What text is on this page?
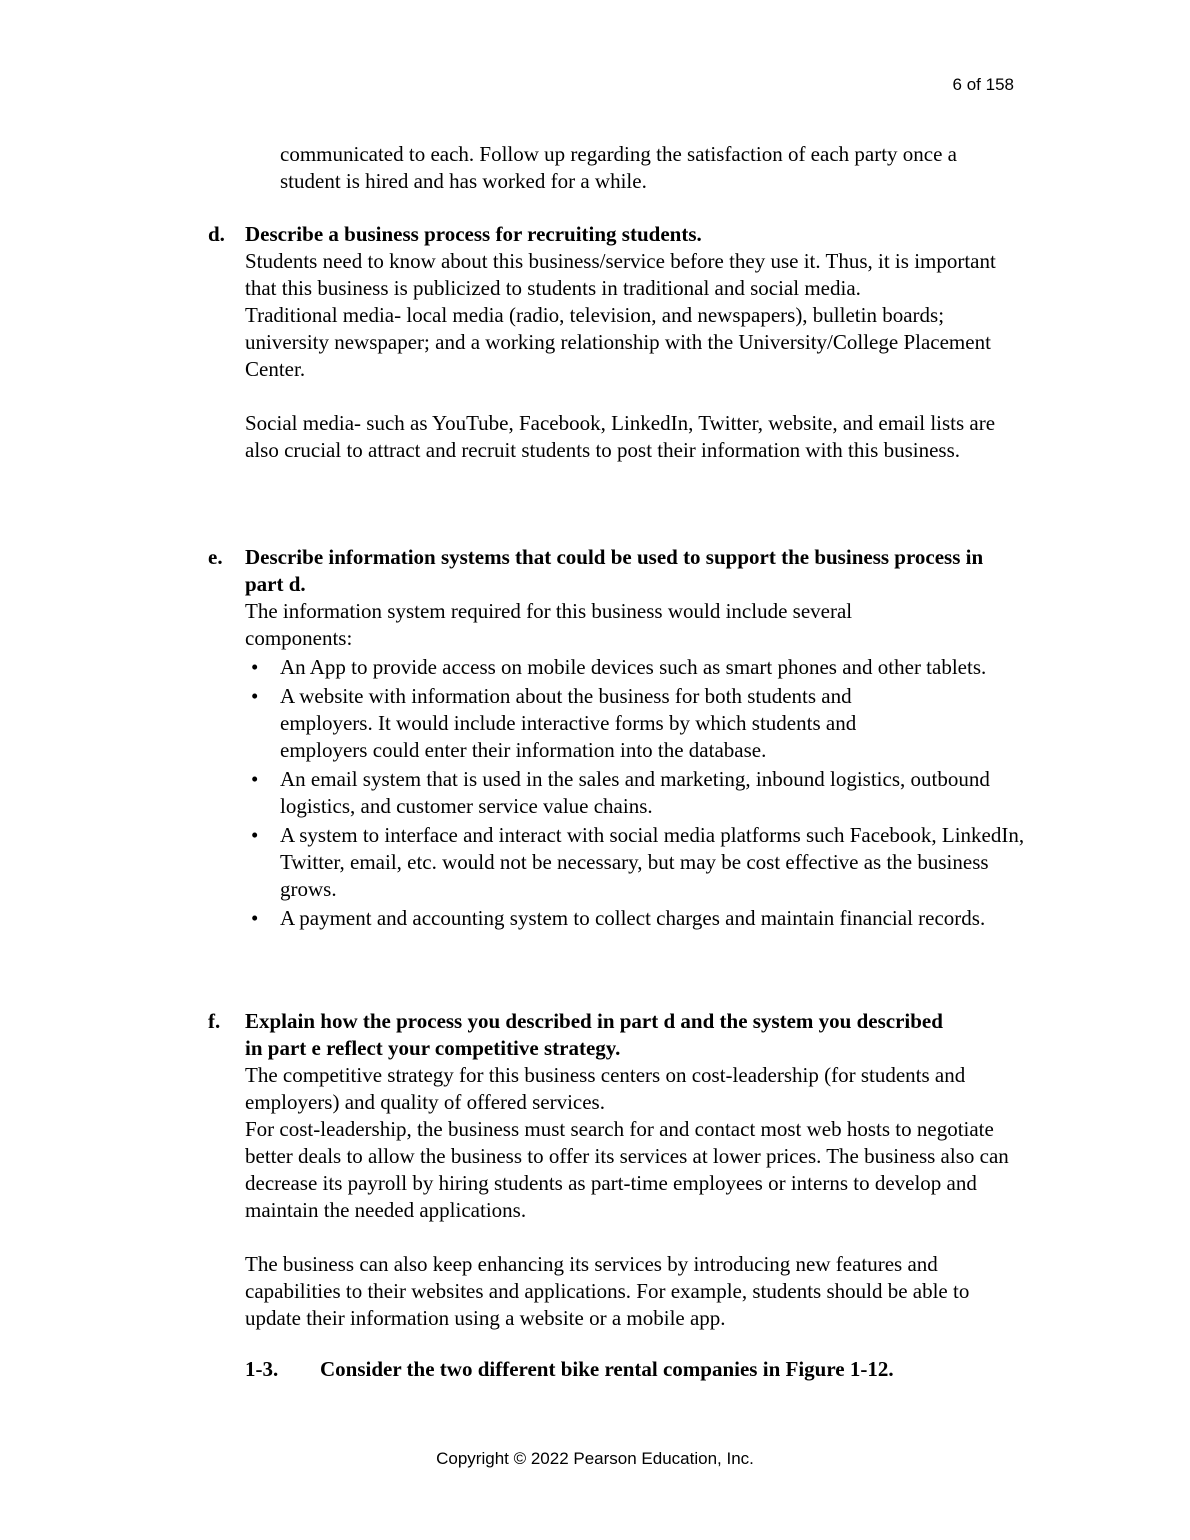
6 of 158
communicated to each. Follow up regarding the satisfaction of each party once a student is hired and has worked for a while.
d. Describe a business process for recruiting students.

Students need to know about this business/service before they use it. Thus, it is important that this business is publicized to students in traditional and social media.

Traditional media- local media (radio, television, and newspapers), bulletin boards; university newspaper; and a working relationship with the University/College Placement Center.

Social media- such as YouTube, Facebook, LinkedIn, Twitter, website, and email lists are also crucial to attract and recruit students to post their information with this business.

e. Describe information systems that could be used to support the business process in part d.

The information system required for this business would include several components:

• An App to provide access on mobile devices such as smart phones and other tablets.
• A website with information about the business for both students and employers. It would include interactive forms by which students and employers could enter their information into the database.
• An email system that is used in the sales and marketing, inbound logistics, outbound logistics, and customer service value chains.
• A system to interface and interact with social media platforms such Facebook, LinkedIn, Twitter, email, etc. would not be necessary, but may be cost effective as the business grows.
• A payment and accounting system to collect charges and maintain financial records.
f. Explain how the process you described in part d and the system you described in part e reflect your competitive strategy.

The competitive strategy for this business centers on cost-leadership (for students and employers) and quality of offered services.

For cost-leadership, the business must search for and contact most web hosts to negotiate better deals to allow the business to offer its services at lower prices. The business also can decrease its payroll by hiring students as part-time employees or interns to develop and maintain the needed applications.

The business can also keep enhancing its services by introducing new features and capabilities to their websites and applications. For example, students should be able to update their information using a website or a mobile app.

1-3. Consider the two different bike rental companies in Figure 1-12.
Copyright © 2022 Pearson Education, Inc.
